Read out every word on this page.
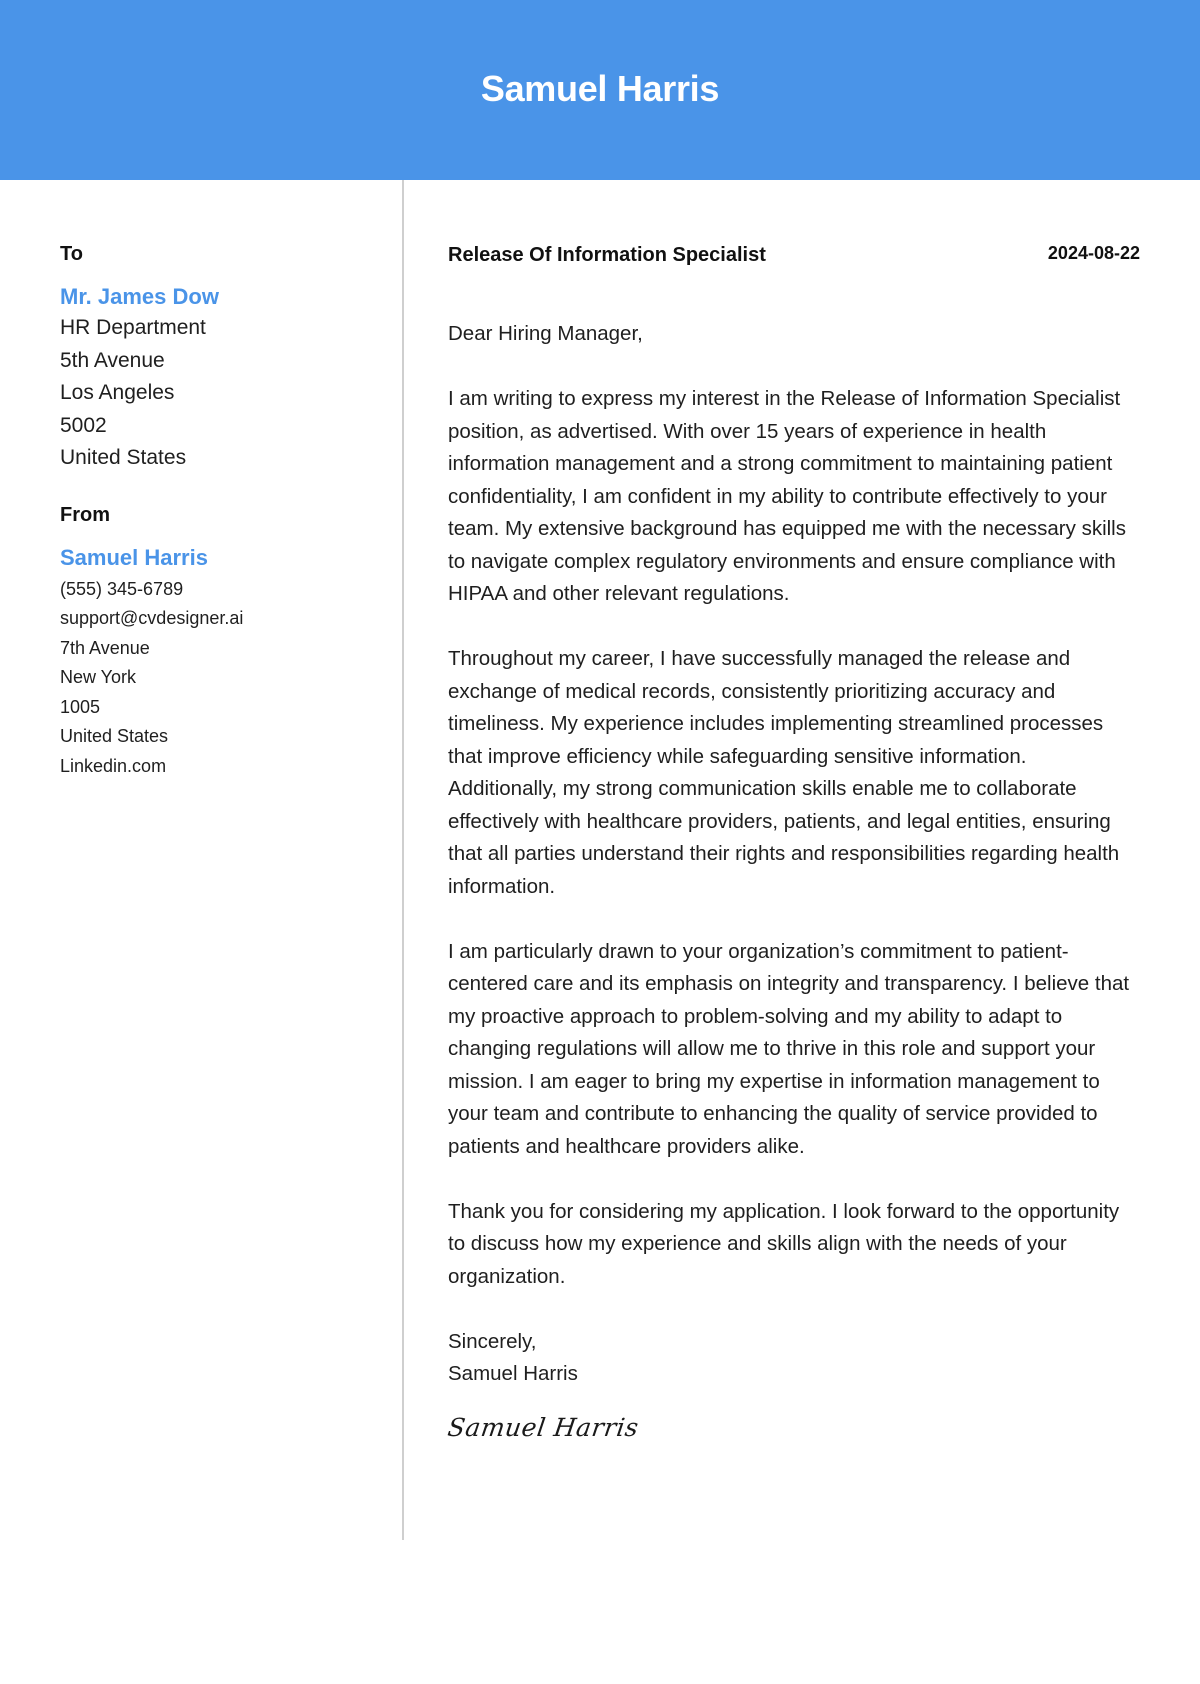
Samuel Harris
To
Mr. James Dow
HR Department
5th Avenue
Los Angeles
5002
United States
From
Samuel Harris
(555) 345-6789
support@cvdesigner.ai
7th Avenue
New York
1005
United States
Linkedin.com
Release Of Information Specialist	2024-08-22
Dear Hiring Manager,
I am writing to express my interest in the Release of Information Specialist position, as advertised. With over 15 years of experience in health information management and a strong commitment to maintaining patient confidentiality, I am confident in my ability to contribute effectively to your team. My extensive background has equipped me with the necessary skills to navigate complex regulatory environments and ensure compliance with HIPAA and other relevant regulations.
Throughout my career, I have successfully managed the release and exchange of medical records, consistently prioritizing accuracy and timeliness. My experience includes implementing streamlined processes that improve efficiency while safeguarding sensitive information. Additionally, my strong communication skills enable me to collaborate effectively with healthcare providers, patients, and legal entities, ensuring that all parties understand their rights and responsibilities regarding health information.
I am particularly drawn to your organization’s commitment to patient-centered care and its emphasis on integrity and transparency. I believe that my proactive approach to problem-solving and my ability to adapt to changing regulations will allow me to thrive in this role and support your mission. I am eager to bring my expertise in information management to your team and contribute to enhancing the quality of service provided to patients and healthcare providers alike.
Thank you for considering my application. I look forward to the opportunity to discuss how my experience and skills align with the needs of your organization.
Sincerely,
Samuel Harris
Samuel Harris
